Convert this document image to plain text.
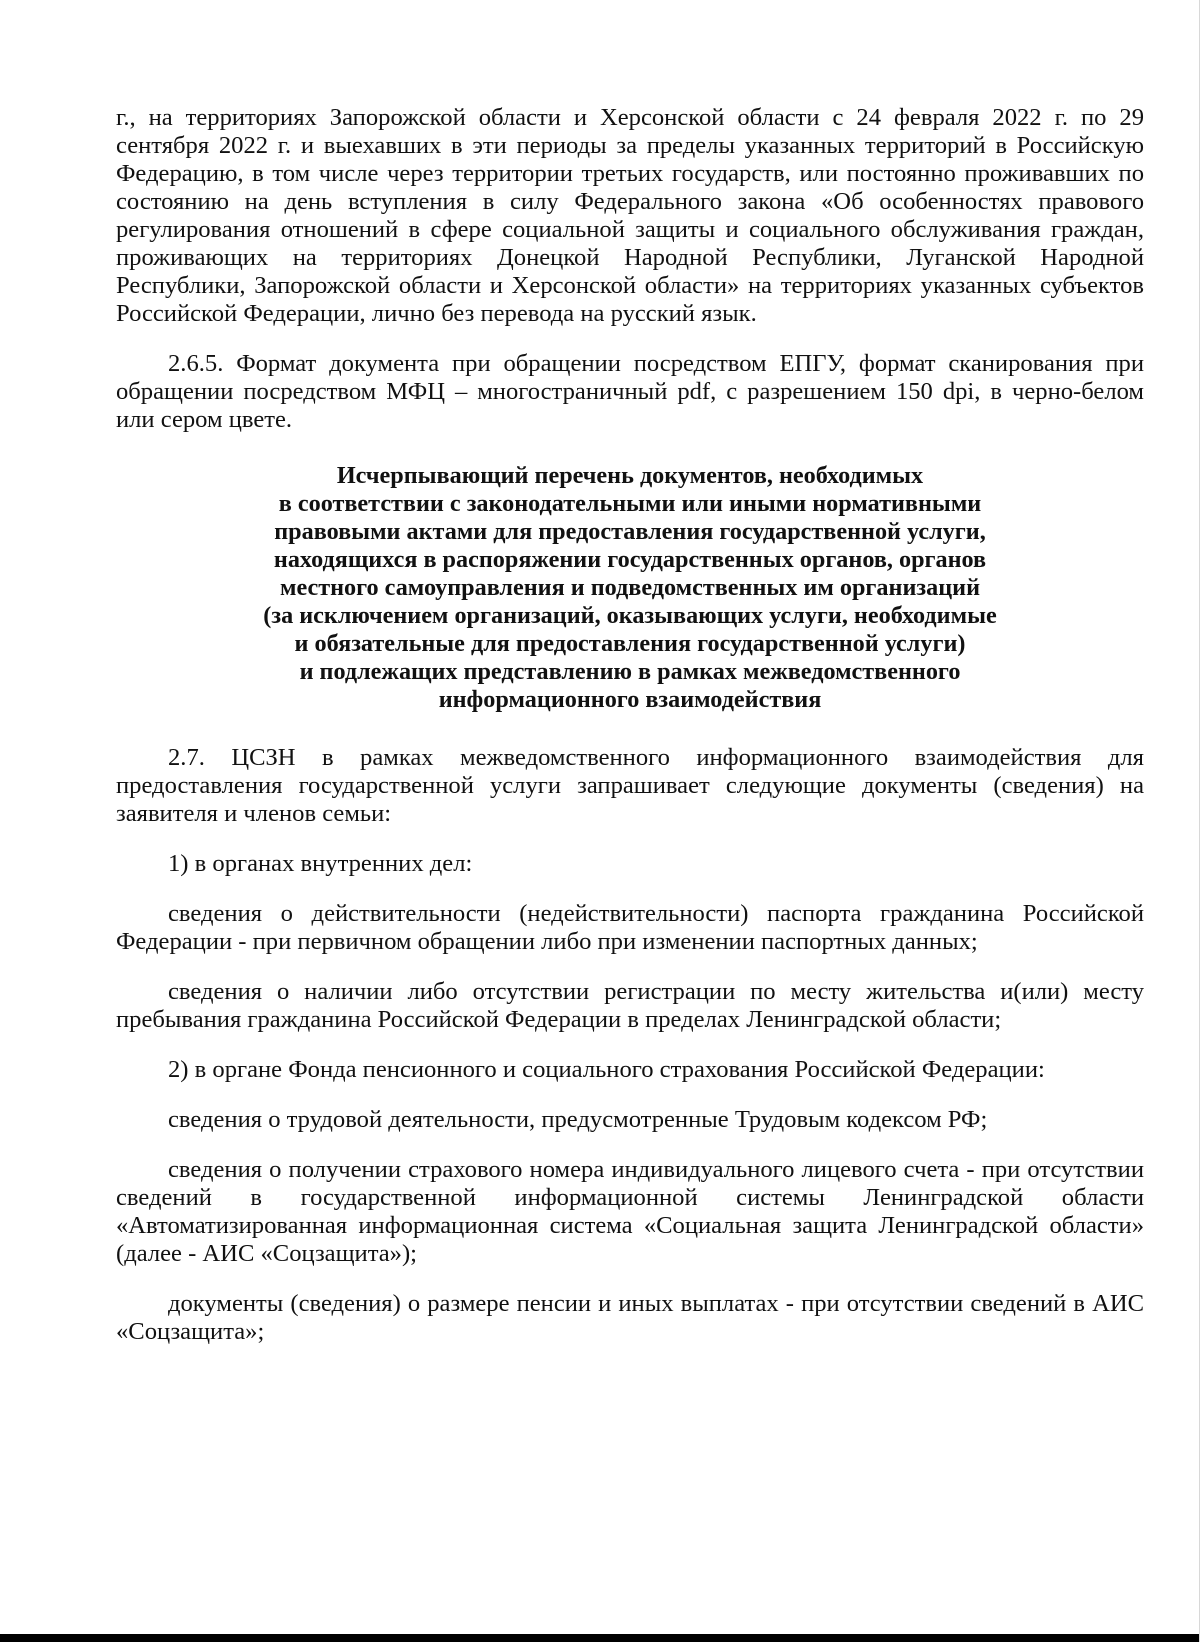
г., на территориях Запорожской области и Херсонской области с 24 февраля 2022 г. по 29 сентября 2022 г. и выехавших в эти периоды за пределы указанных территорий в Российскую Федерацию, в том числе через территории третьих государств, или постоянно проживавших по состоянию на день вступления в силу Федерального закона «Об особенностях правового регулирования отношений в сфере социальной защиты и социального обслуживания граждан, проживающих на территориях Донецкой Народной Республики, Луганской Народной Республики, Запорожской области и Херсонской области» на территориях указанных субъектов Российской Федерации, лично без перевода на русский язык.

2.6.5. Формат документа при обращении посредством ЕПГУ, формат сканирования при обращении посредством МФЦ – многостраничный pdf, с разрешением 150 dpi, в черно-белом или сером цвете.

Исчерпывающий перечень документов, необходимых
в соответствии с законодательными или иными нормативными
правовыми актами для предоставления государственной услуги,
находящихся в распоряжении государственных органов, органов
местного самоуправления и подведомственных им организаций
(за исключением организаций, оказывающих услуги, необходимые
и обязательные для предоставления государственной услуги)
и подлежащих представлению в рамках межведомственного
информационного взаимодействия

2.7. ЦСЗН в рамках межведомственного информационного взаимодействия для предоставления государственной услуги запрашивает следующие документы (сведения) на заявителя и членов семьи:

1) в органах внутренних дел:

сведения о действительности (недействительности) паспорта гражданина Российской Федерации - при первичном обращении либо при изменении паспортных данных;

сведения о наличии либо отсутствии регистрации по месту жительства и(или) месту пребывания гражданина Российской Федерации в пределах Ленинградской области;

2) в органе Фонда пенсионного и социального страхования Российской Федерации:

сведения о трудовой деятельности, предусмотренные Трудовым кодексом РФ;

сведения о получении страхового номера индивидуального лицевого счета - при отсутствии сведений в государственной информационной системы Ленинградской области «Автоматизированная информационная система «Социальная защита Ленинградской области» (далее - АИС «Соцзащита»);

документы (сведения) о размере пенсии и иных выплатах - при отсутствии сведений в АИС «Соцзащита»;
